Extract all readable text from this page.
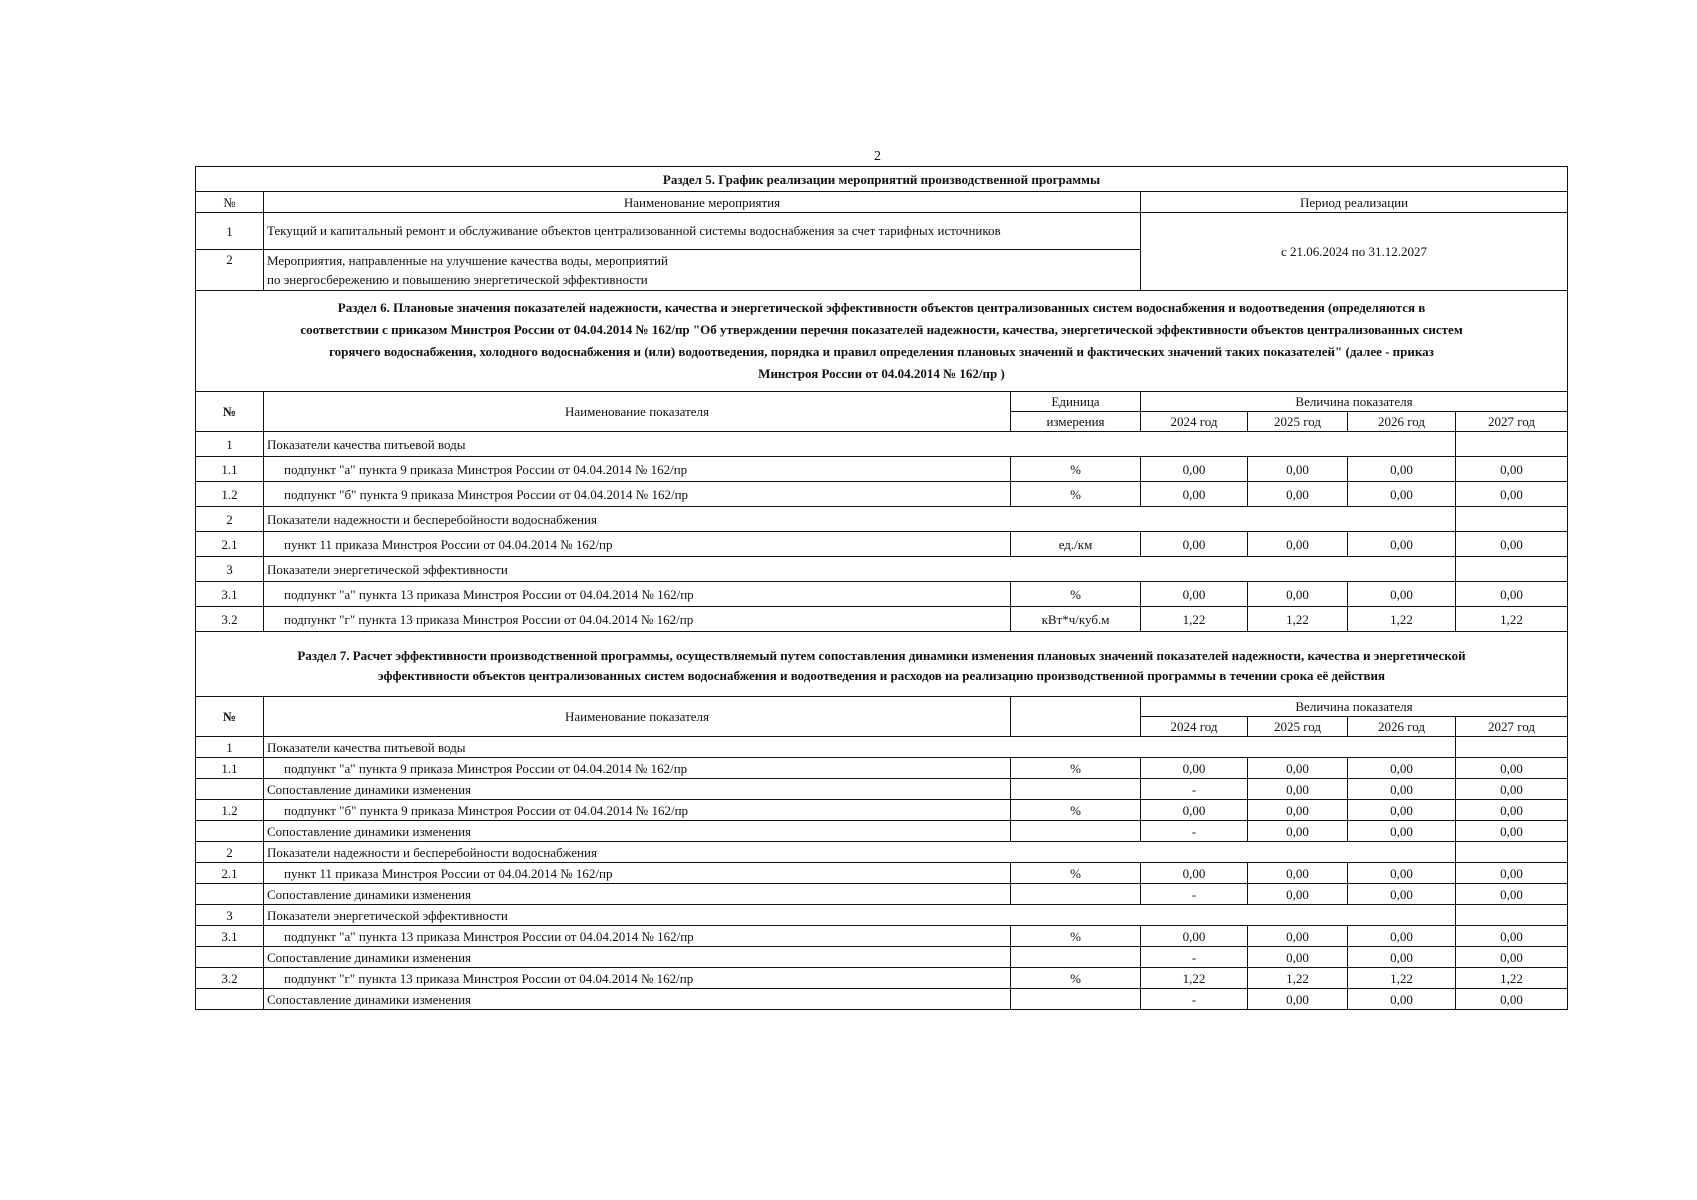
2
Раздел 5. График реализации мероприятий производственной программы		
№	Наименование мероприятия	Период реализации
1	Текущий и капитальный ремонт и обслуживание объектов централизованной системы водоснабжения за счет тарифных источников	с 21.06.2024 по 31.12.2027
2	Мероприятия, направленные на улучшение качества воды, мероприятий
по энергосбережению и повышению энергетической эффективности	
Раздел 6. Плановые значения показателей надежности, качества и энергетической эффективности объектов централизованных систем водоснабжения и водоотведения (определяются в
соответствии с приказом Минстроя России от 04.04.2014 № 162/пр "Об утверждении перечня показателей надежности, качества, энергетической эффективности объектов централизованных систем
горячего водоснабжения, холодного водоснабжения и (или) водоотведения, порядка и правил определения плановых значений и фактических значений таких показателей" (далее - приказ
Минстроя России от 04.04.2014 № 162/пр )						

№	Наименование показателя	Единица	Величина показателя			
		измерения	2024 год	2025 год	2026 год	2027 год
1	Показатели качества питьевой воды					
1.1	подпункт "а" пункта 9 приказа Минстроя России от 04.04.2014 № 162/пр	%	0,00	0,00	0,00	0,00
1.2	подпункт "б" пункта 9 приказа Минстроя России от 04.04.2014 № 162/пр	%	0,00	0,00	0,00	0,00
2	Показатели надежности и бесперебойности водоснабжения					
2.1	пункт 11 приказа Минстроя России от 04.04.2014 № 162/пр	ед./км	0,00	0,00	0,00	0,00
3	Показатели энергетической эффективности					
3.1	подпункт "а" пункта 13 приказа Минстроя России от 04.04.2014 № 162/пр	%	0,00	0,00	0,00	0,00
3.2	подпункт "г" пункта 13 приказа Минстроя России от 04.04.2014 № 162/пр	кВт*ч/куб.м	1,22	1,22	1,22	1,22
Раздел 7. Расчет эффективности производственной программы, осуществляемый путем сопоставления динамики изменения плановых значений показателей надежности, качества и энергетической
эффективности объектов централизованных систем водоснабжения и водоотведения и расходов на реализацию производственной программы в течении срока её действия						

№	Наименование показателя		Величина показателя			
			2024 год	2025 год	2026 год	2027 год
1	Показатели качества питьевой воды					
1.1	подпункт "а" пункта 9 приказа Минстроя России от 04.04.2014 № 162/пр	%	0,00	0,00	0,00	0,00
	Сопоставление динамики изменения		-	0,00	0,00	0,00
1.2	подпункт "б" пункта 9 приказа Минстроя России от 04.04.2014 № 162/пр	%	0,00	0,00	0,00	0,00
	Сопоставление динамики изменения		-	0,00	0,00	0,00
2	Показатели надежности и бесперебойности водоснабжения					
2.1	пункт 11 приказа Минстроя России от 04.04.2014 № 162/пр	%	0,00	0,00	0,00	0,00
	Сопоставление динамики изменения		-	0,00	0,00	0,00
3	Показатели энергетической эффективности					
3.1	подпункт "а" пункта 13 приказа Минстроя России от 04.04.2014 № 162/пр	%	0,00	0,00	0,00	0,00
	Сопоставление динамики изменения		-	0,00	0,00	0,00
3.2	подпункт "г" пункта 13 приказа Минстроя России от 04.04.2014 № 162/пр	%	1,22	1,22	1,22	1,22
	Сопоставление динамики изменения		-	0,00	0,00	0,00
